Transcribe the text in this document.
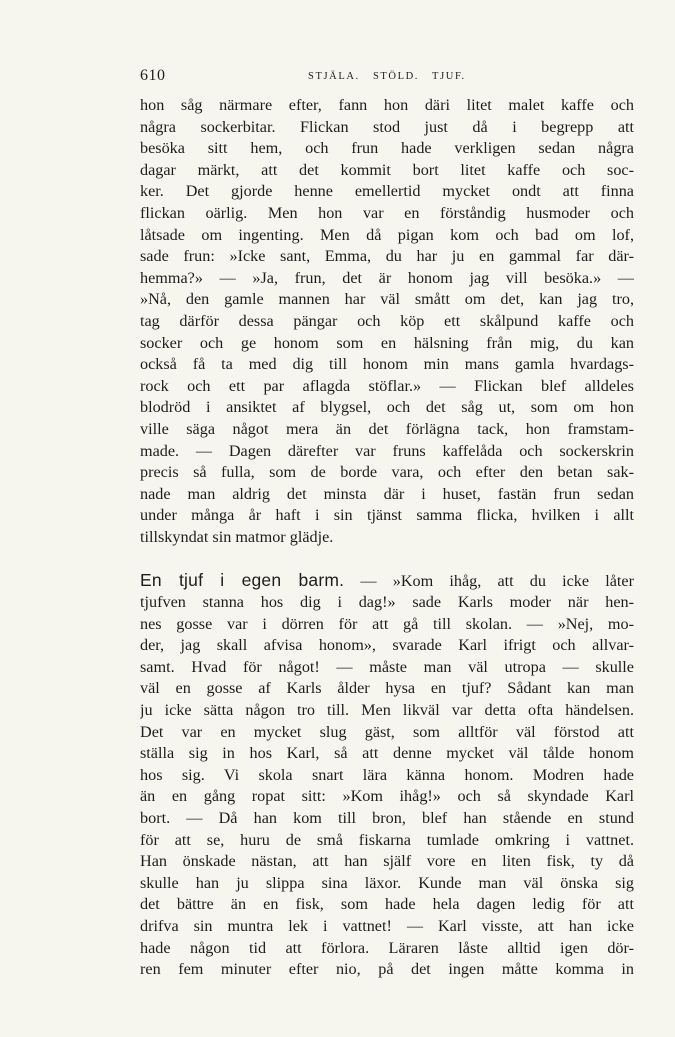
610	STJÄLA. STÖLD. TJUF.
hon såg närmare efter, fann hon däri litet malet kaffe och
några sockerbitar. Flickan stod just då i begrepp att
besöka sitt hem, och frun hade verkligen sedan några
dagar märkt, att det kommit bort litet kaffe och soc-
ker. Det gjorde henne emellertid mycket ondt att finna
flickan oärlig. Men hon var en förståndig husmoder och
låtsade om ingenting. Men då pigan kom och bad om lof,
sade frun: »Icke sant, Emma, du har ju en gammal far där-
hemma?» — »Ja, frun, det är honom jag vill besöka.» —
»Nå, den gamle mannen har väl smått om det, kan jag tro,
tag därför dessa pängar och köp ett skålpund kaffe och
socker och ge honom som en hälsning från mig, du kan
också få ta med dig till honom min mans gamla hvardags-
rock och ett par aflagda stöflar.» — Flickan blef alldeles
blodröd i ansiktet af blygsel, och det såg ut, som om hon
ville säga något mera än det förlägna tack, hon framstam-
made. — Dagen därefter var fruns kaffelåda och sockerskrin
precis så fulla, som de borde vara, och efter den betan sak-
nade man aldrig det minsta där i huset, fastän frun sedan
under många år haft i sin tjänst samma flicka, hvilken i allt
tillskyndat sin matmor glädje.
En tjuf i egen barm. — »Kom ihåg, att du icke låter
tjufven stanna hos dig i dag!» sade Karls moder när hen-
nes gosse var i dörren för att gå till skolan. — »Nej, mo-
der, jag skall afvisa honom», svarade Karl ifrigt och allvar-
samt. Hvad för något! — måste man väl utropa — skulle
väl en gosse af Karls ålder hysa en tjuf? Sådant kan man
ju icke sätta någon tro till. Men likväl var detta ofta händelsen.
Det var en mycket slug gäst, som alltför väl förstod att
ställa sig in hos Karl, så att denne mycket väl tålde honom
hos sig. Vi skola snart lära känna honom. Modren hade
än en gång ropat sitt: »Kom ihåg!» och så skyndade Karl
bort. — Då han kom till bron, blef han stående en stund
för att se, huru de små fiskarna tumlade omkring i vattnet.
Han önskade nästan, att han själf vore en liten fisk, ty då
skulle han ju slippa sina läxor. Kunde man väl önska sig
det bättre än en fisk, som hade hela dagen ledig för att
drifva sin muntra lek i vattnet! — Karl visste, att han icke
hade någon tid att förlora. Läraren låste alltid igen dör-
ren fem minuter efter nio, på det ingen måtte komma in
